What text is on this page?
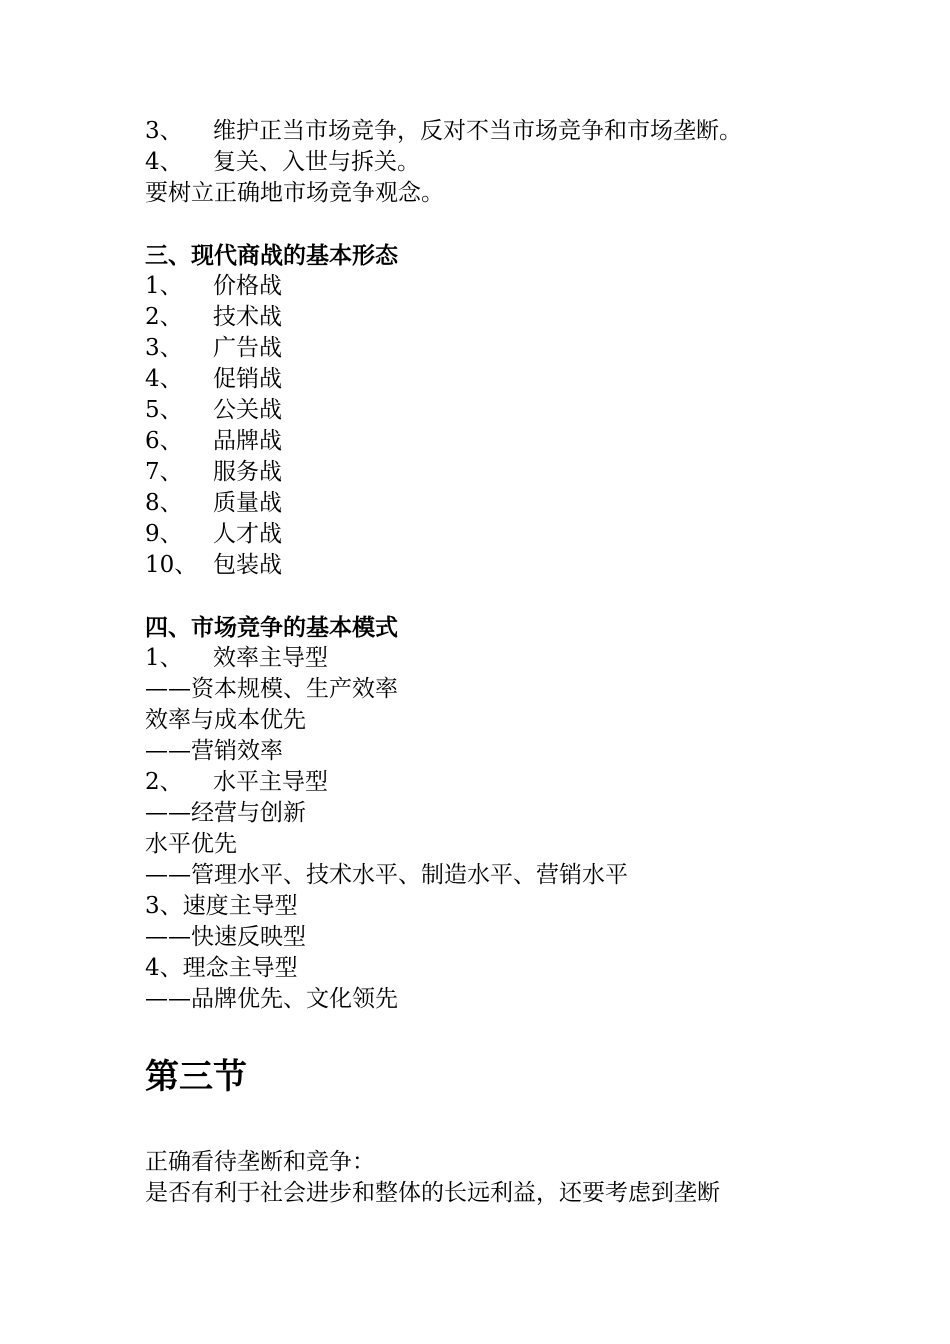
3、 维护正当市场竞争，反对不当市场竞争和市场垄断。
4、 复关、入世与拆关。
要树立正确地市场竞争观念。
三、现代商战的基本形态
1、 价格战
2、 技术战
3、 广告战
4、 促销战
5、 公关战
6、 品牌战
7、 服务战
8、 质量战
9、 人才战
10、 包装战
四、市场竞争的基本模式
1、 效率主导型
——资本规模、生产效率
效率与成本优先
——营销效率
2、 水平主导型
——经营与创新
水平优先
——管理水平、技术水平、制造水平、营销水平
3、速度主导型
——快速反映型
4、理念主导型
——品牌优先、文化领先
第三节
正确看待垄断和竞争：
是否有利于社会进步和整体的长远利益，还要考虑到垄断
